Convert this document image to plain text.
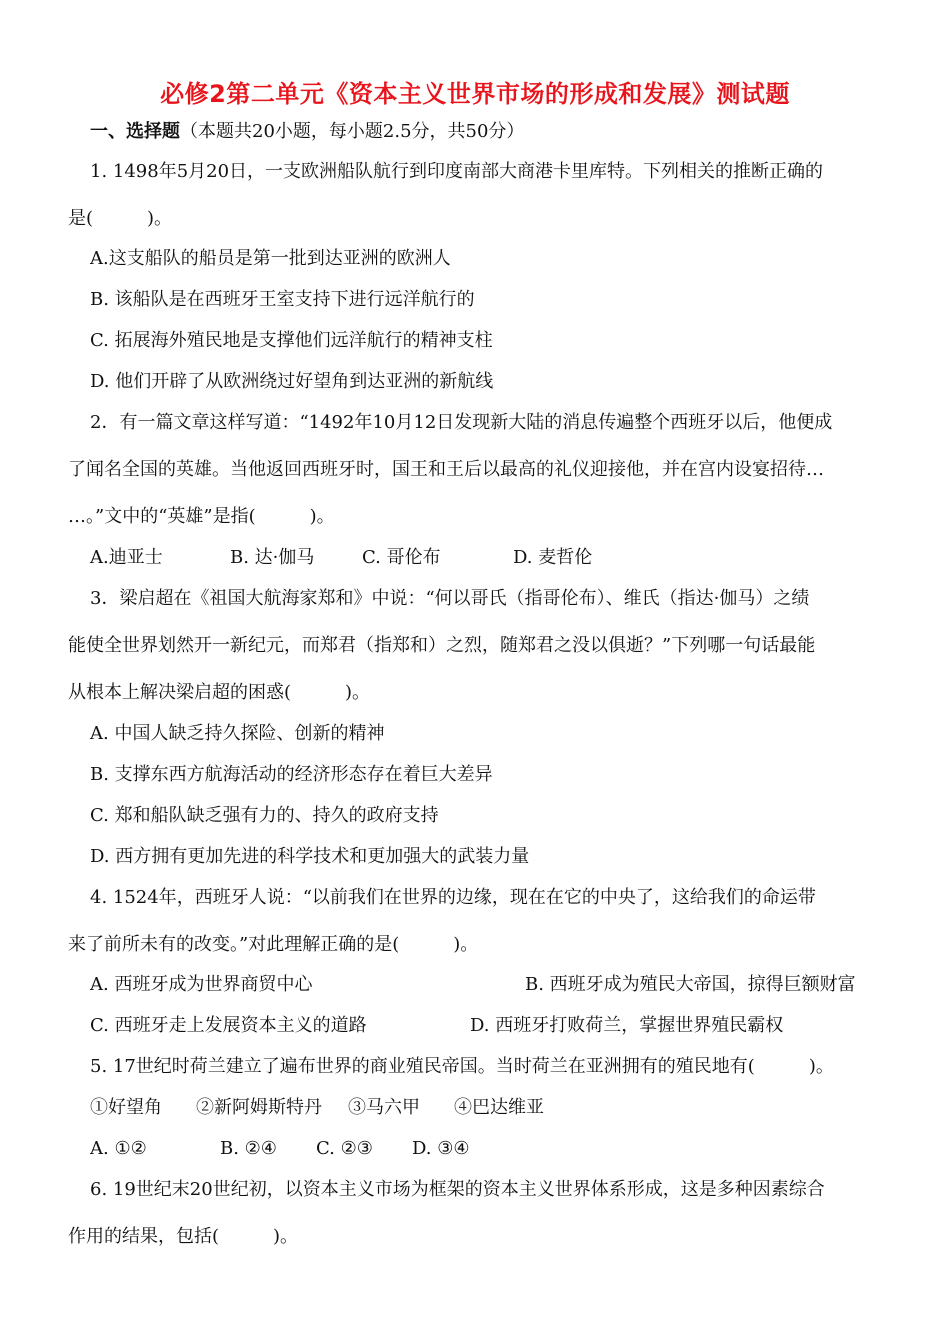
必修2第二单元《资本主义世界市场的形成和发展》测试题
一、选择题（本题共20小题，每小题2.5分，共50分）
1. 1498年5月20日，一支欧洲船队航行到印度南部大商港卡里库特。下列相关的推断正确的
是(　　　)。
A.这支船队的船员是第一批到达亚洲的欧洲人
B. 该船队是在西班牙王室支持下进行远洋航行的
C. 拓展海外殖民地是支撑他们远洋航行的精神支柱
D. 他们开辟了从欧洲绕过好望角到达亚洲的新航线
2．有一篇文章这样写道：“1492年10月12日发现新大陆的消息传遍整个西班牙以后，他便成
了闻名全国的英雄。当他返回西班牙时，国王和王后以最高的礼仪迎接他，并在宫内设宴招待…
…。”文中的“英雄”是指(　　　)。
A.迪亚士	B. 达·伽马	C. 哥伦布	D. 麦哲伦
3．梁启超在《祖国大航海家郑和》中说：“何以哥氏（指哥伦布）、维氏（指达·伽马）之绩
能使全世界划然开一新纪元，而郑君（指郑和）之烈，随郑君之没以俱逝？”下列哪一句话最能
从根本上解决梁启超的困惑(　　　)。
A. 中国人缺乏持久探险、创新的精神
B. 支撑东西方航海活动的经济形态存在着巨大差异
C. 郑和船队缺乏强有力的、持久的政府支持
D. 西方拥有更加先进的科学技术和更加强大的武装力量
4. 1524年，西班牙人说：“以前我们在世界的边缘，现在在它的中央了，这给我们的命运带
来了前所未有的改变。”对此理解正确的是(　　　)。
A. 西班牙成为世界商贸中心	B. 西班牙成为殖民大帝国，掠得巨额财富
C. 西班牙走上发展资本主义的道路	D. 西班牙打败荷兰，掌握世界殖民霸权
5. 17世纪时荷兰建立了遍布世界的商业殖民帝国。当时荷兰在亚洲拥有的殖民地有(　　　)。
①好望角 ②新阿姆斯特丹 ③马六甲 ④巴达维亚
A. ①②	B. ②④ C. ②③ D. ③④
6. 19世纪末20世纪初，以资本主义市场为框架的资本主义世界体系形成，这是多种因素综合
作用的结果，包括(　　　)。
